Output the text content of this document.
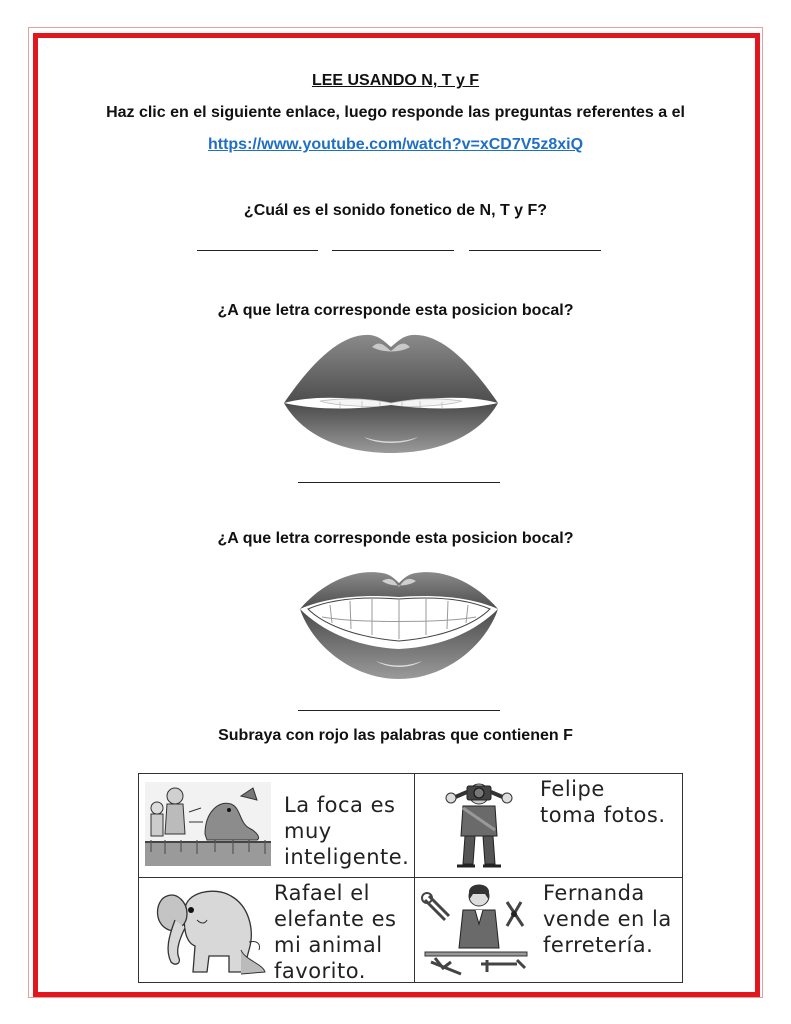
LEE USANDO N, T y F
Haz clic en el siguiente enlace, luego responde las preguntas referentes a el
https://www.youtube.com/watch?v=xCD7V5z8xiQ
¿Cuál es el sonido fonetico de N, T y F?
¿A que letra corresponde esta posicion bocal?
¿A que letra corresponde esta posicion bocal?
Subraya con rojo las palabras que contienen F
La foca es
muy
inteligente.
Felipe
toma fotos.
Rafael el
elefante es
mi animal
favorito.
Fernanda
vende en la
ferretería.
